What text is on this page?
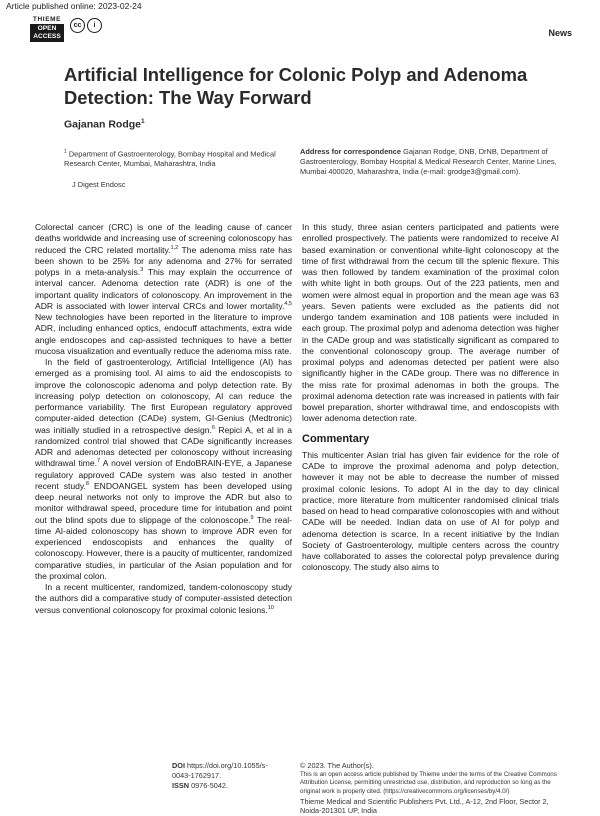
Article published online: 2023-02-24
THIEME
OPEN
ACCESS
cc	i
News
Artificial Intelligence for Colonic Polyp and Adenoma Detection: The Way Forward
Gajanan Rodge$^1$
$^1$ Department of Gastroenterology, Bombay Hospital and Medical Research Center, Mumbai, Maharashtra, India
J Digest Endosc
Address for correspondence Gajanan Rodge, DNB, DrNB, Department of Gastroenterology, Bombay Hospital & Medical Research Center, Marine Lines, Mumbai 400020, Maharashtra, India (e-mail: grodge3@gmail.com).

Colorectal cancer (CRC) is one of the leading cause of cancer deaths worldwide and increasing use of screening colonoscopy has reduced the CRC related mortality.$^{1,2}$ The adenoma miss rate has been shown to be 25% for any adenoma and 27% for serrated polyps in a meta-analysis.$^3$ This may explain the occurrence of interval cancer. Adenoma detection rate (ADR) is one of the important quality indicators of colonoscopy. An improvement in the ADR is associated with lower interval CRCs and lower mortality.$^{4,5}$ New technologies have been reported in the literature to improve ADR, including enhanced optics, endocuff attachments, extra wide angle endoscopes and cap-assisted techniques to have a better mucosa visualization and eventually reduce the adenoma miss rate.

In the field of gastroenterology, Artificial Intelligence (AI) has emerged as a promising tool. AI aims to aid the endoscopists to improve the colonoscopic adenoma and polyp detection rate. By increasing polyp detection on colonoscopy, AI can reduce the performance variability. The first European regulatory approved computer-aided detection (CADe) system, GI-Genius (Medtronic) was initially studied in a retrospective design.$^6$ Repici A, et al in a randomized control trial showed that CADe significantly increases ADR and adenomas detected per colonoscopy without increasing withdrawal time.$^7$ A novel version of EndoBRAIN-EYE, a Japanese regulatory approved CADe system was also tested in another recent study.$^8$ ENDOANGEL system has been developed using deep neural networks not only to improve the ADR but also to monitor withdrawal speed, procedure time for intubation and point out the blind spots due to slippage of the colonoscope.$^9$ The real-time AI-aided colonoscopy has shown to improve ADR even for experienced endoscopists and enhances the quality of colonoscopy. However, there is a paucity of multicenter, randomized comparative studies, in particular of the Asian population and for the proximal colon.

In a recent multicenter, randomized, tandem-colonoscopy study the authors did a comparative study of computer-assisted detection versus conventional colonoscopy for proximal colonic lesions.$^{10}$

In this study, three asian centers participated and patients were enrolled prospectively. The patients were randomized to receive AI based examination or conventional white-light colonoscopy at the time of first withdrawal from the cecum till the splenic flexure. This was then followed by tandem examination of the proximal colon with white light in both groups. Out of the 223 patients, men and women were almost equal in proportion and the mean age was 63 years. Seven patients were excluded as the patients did not undergo tandem examination and 108 patients were included in each group. The proximal polyp and adenoma detection was higher in the CADe group and was statistically significant as compared to the conventional colonoscopy group. The average number of proximal polyps and adenomas detected per patient were also significantly higher in the CADe group. There was no difference in the miss rate for proximal adenomas in both the groups. The proximal adenoma detection rate was increased in patients with fair bowel preparation, shorter withdrawal time, and endoscopists with lower adenoma detection rate.

Commentary

This multicenter Asian trial has given fair evidence for the role of CADe to improve the proximal adenoma and polyp detection, however it may not be able to decrease the number of missed proximal colonic lesions. To adopt AI in the day to day clinical practice, more literature from multicenter randomised clinical trials based on head to head comparative colonoscopies with and without CADe will be needed. Indian data on use of AI for polyp and adenoma detection is scarce. In a recent initiative by the Indian Society of Gastroenterology, multiple centers across the country have collaborated to asses the colorectal polyp prevalence during colonoscopy. The study also aims to

DOI https://doi.org/10.1055/s-0043-1762917.
ISSN 0976-5042.
© 2023. The Author(s).
This is an open access article published by Thieme under the terms of the Creative Commons Attribution License, permitting unrestricted use, distribution, and reproduction so long as the original work is properly cited. (https://creativecommons.org/licenses/by/4.0/)
Thieme Medical and Scientific Publishers Pvt. Ltd., A-12, 2nd Floor, Sector 2, Noida-201301 UP, India
